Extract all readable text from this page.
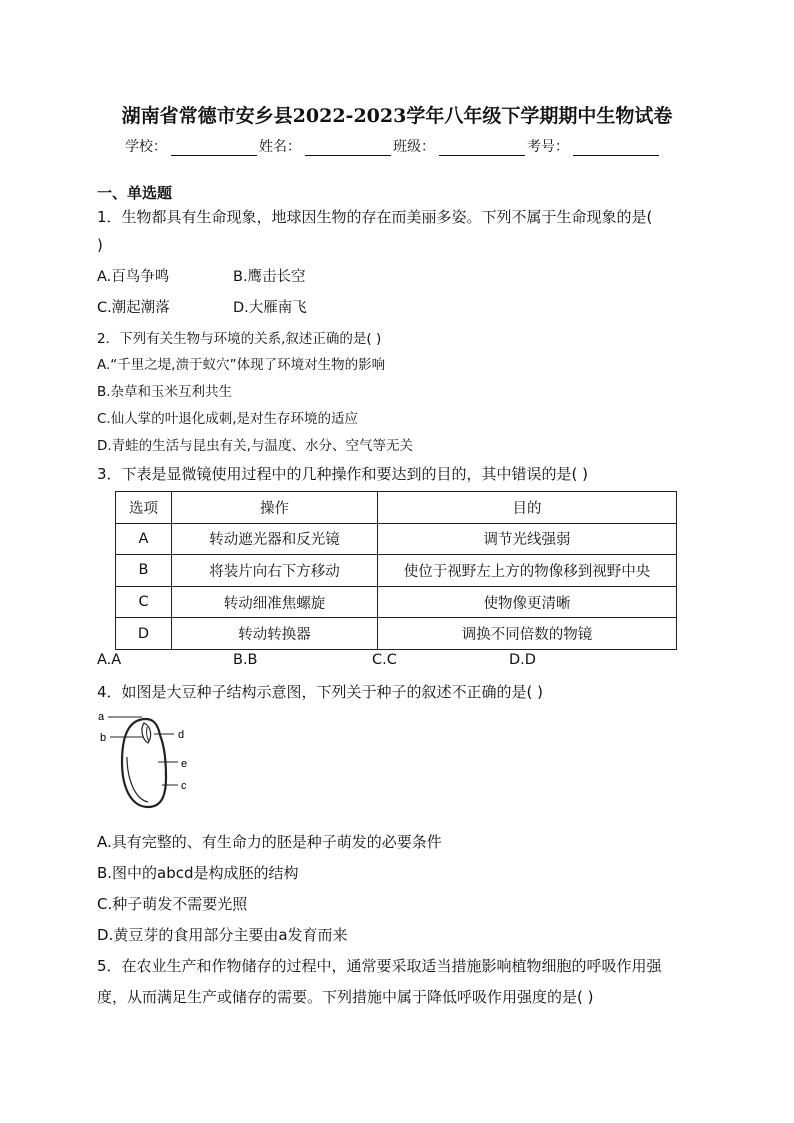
湖南省常德市安乡县2022-2023学年八年级下学期期中生物试卷
学校：	姓名：	班级：	考号：
一、单选题
1．生物都具有生命现象，地球因生物的存在而美丽多姿。下列不属于生命现象的是(
)
A.百鸟争鸣	B.鹰击长空
C.潮起潮落	D.大雁南飞
2．下列有关生物与环境的关系,叙述正确的是( )
A.“千里之堤,溃于蚁穴”体现了环境对生物的影响
B.杂草和玉米互利共生
C.仙人掌的叶退化成刺,是对生存环境的适应
D.青蛙的生活与昆虫有关,与温度、水分、空气等无关
3．下表是显微镜使用过程中的几种操作和要达到的目的，其中错误的是( )
选项	操作	目的
A	转动遮光器和反光镜	调节光线强弱
B	将装片向右下方移动	使位于视野左上方的物像移到视野中央
C	转动细准焦螺旋	使物像更清晰
D	转动转换器	调换不同倍数的物镜
A.A	B.B	C.C	D.D
4．如图是大豆种子结构示意图，下列关于种子的叙述不正确的是( )
a
b	d
e
c
A.具有完整的、有生命力的胚是种子萌发的必要条件
B.图中的abcd是构成胚的结构
C.种子萌发不需要光照
D.黄豆芽的食用部分主要由a发育而来
5．在农业生产和作物储存的过程中，通常要采取适当措施影响植物细胞的呼吸作用强
度，从而满足生产或储存的需要。下列措施中属于降低呼吸作用强度的是( )
